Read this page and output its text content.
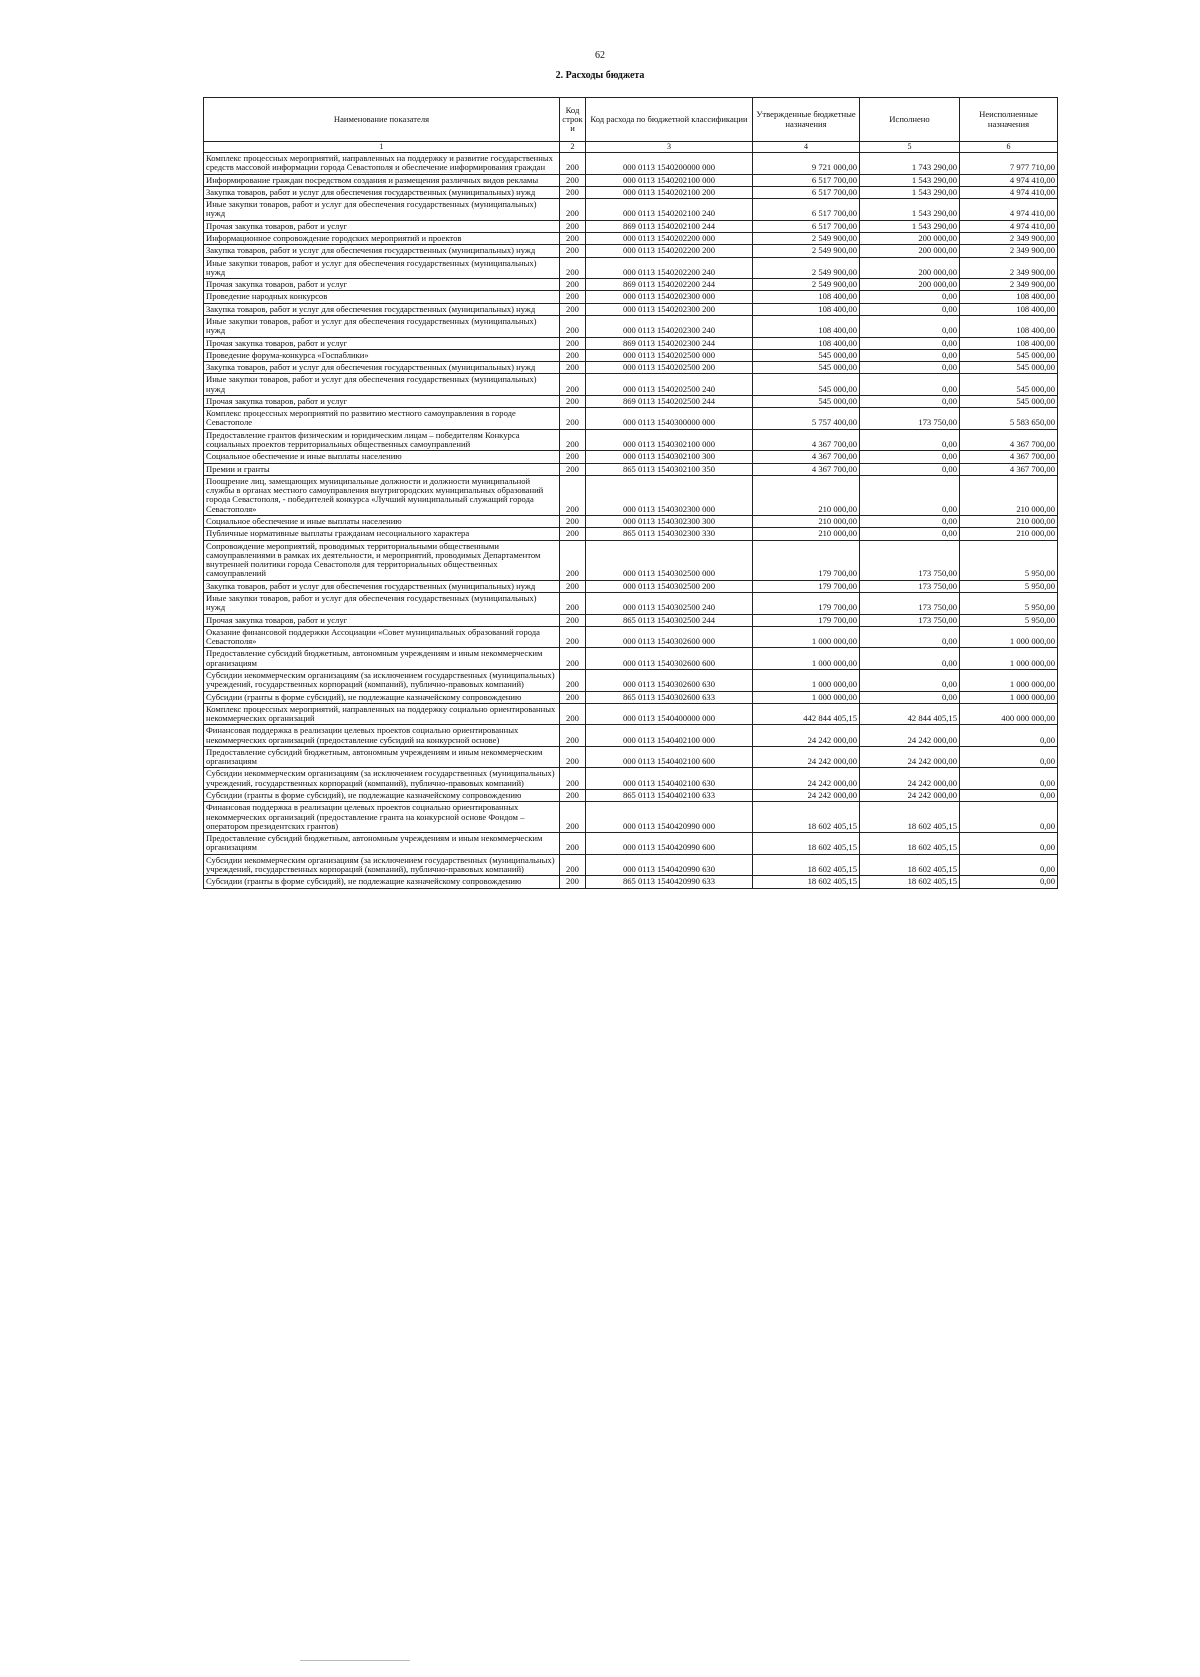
62
2. Расходы бюджета
Наименование показателя	Код строк и	Код расхода по бюджетной классификации	Утвержденные бюджетные назначения	Исполнено	Неисполненные назначения
1	2	3	4	5	6
Комплекс процессных мероприятий, направленных на поддержку и развитие государственных средств массовой информации города Севастополя и обеспечение информирования граждан	200	000 0113 1540200000 000	9 721 000,00	1 743 290,00	7 977 710,00
Информирование граждан посредством создания и размещения различных видов рекламы	200	000 0113 1540202100 000	6 517 700,00	1 543 290,00	4 974 410,00
Закупка товаров, работ и услуг для обеспечения государственных (муниципальных) нужд	200	000 0113 1540202100 200	6 517 700,00	1 543 290,00	4 974 410,00
Иные закупки товаров, работ и услуг для обеспечения государственных (муниципальных) нужд	200	000 0113 1540202100 240	6 517 700,00	1 543 290,00	4 974 410,00
Прочая закупка товаров, работ и услуг	200	869 0113 1540202100 244	6 517 700,00	1 543 290,00	4 974 410,00
Информационное сопровождение городских мероприятий и проектов	200	000 0113 1540202200 000	2 549 900,00	200 000,00	2 349 900,00
Закупка товаров, работ и услуг для обеспечения государственных (муниципальных) нужд	200	000 0113 1540202200 200	2 549 900,00	200 000,00	2 349 900,00
Иные закупки товаров, работ и услуг для обеспечения государственных (муниципальных) нужд	200	000 0113 1540202200 240	2 549 900,00	200 000,00	2 349 900,00
Прочая закупка товаров, работ и услуг	200	869 0113 1540202200 244	2 549 900,00	200 000,00	2 349 900,00
Проведение народных конкурсов	200	000 0113 1540202300 000	108 400,00	0,00	108 400,00
Закупка товаров, работ и услуг для обеспечения государственных (муниципальных) нужд	200	000 0113 1540202300 200	108 400,00	0,00	108 400,00
Иные закупки товаров, работ и услуг для обеспечения государственных (муниципальных) нужд	200	000 0113 1540202300 240	108 400,00	0,00	108 400,00
Прочая закупка товаров, работ и услуг	200	869 0113 1540202300 244	108 400,00	0,00	108 400,00
Проведение форума-конкурса «Госпаблики»	200	000 0113 1540202500 000	545 000,00	0,00	545 000,00
Закупка товаров, работ и услуг для обеспечения государственных (муниципальных) нужд	200	000 0113 1540202500 200	545 000,00	0,00	545 000,00
Иные закупки товаров, работ и услуг для обеспечения государственных (муниципальных) нужд	200	000 0113 1540202500 240	545 000,00	0,00	545 000,00
Прочая закупка товаров, работ и услуг	200	869 0113 1540202500 244	545 000,00	0,00	545 000,00
Комплекс процессных мероприятий по развитию местного самоуправления в городе Севастополе	200	000 0113 1540300000 000	5 757 400,00	173 750,00	5 583 650,00
Предоставление грантов физическим и юридическим лицам – победителям Конкурса социальных проектов территориальных общественных самоуправлений	200	000 0113 1540302100 000	4 367 700,00	0,00	4 367 700,00
Социальное обеспечение и иные выплаты населению	200	000 0113 1540302100 300	4 367 700,00	0,00	4 367 700,00
Премии и гранты	200	865 0113 1540302100 350	4 367 700,00	0,00	4 367 700,00
Поощрение лиц, замещающих муниципальные должности и должности муниципальной службы в органах местного самоуправления внутригородских муниципальных образований города Севастополя, - победителей конкурса «Лучший муниципальный служащий города Севастополя»	200	000 0113 1540302300 000	210 000,00	0,00	210 000,00
Социальное обеспечение и иные выплаты населению	200	000 0113 1540302300 300	210 000,00	0,00	210 000,00
Публичные нормативные выплаты гражданам несоциального характера	200	865 0113 1540302300 330	210 000,00	0,00	210 000,00
Сопровождение мероприятий, проводимых территориальными общественными самоуправлениями в рамках их деятельности, и мероприятий, проводимых Департаментом внутренней политики города Севастополя для территориальных общественных самоуправлений	200	000 0113 1540302500 000	179 700,00	173 750,00	5 950,00
Закупка товаров, работ и услуг для обеспечения государственных (муниципальных) нужд	200	000 0113 1540302500 200	179 700,00	173 750,00	5 950,00
Иные закупки товаров, работ и услуг для обеспечения государственных (муниципальных) нужд	200	000 0113 1540302500 240	179 700,00	173 750,00	5 950,00
Прочая закупка товаров, работ и услуг	200	865 0113 1540302500 244	179 700,00	173 750,00	5 950,00
Оказание финансовой поддержки Ассоциации «Совет муниципальных образований города Севастополя»	200	000 0113 1540302600 000	1 000 000,00	0,00	1 000 000,00
Предоставление субсидий бюджетным, автономным учреждениям и иным некоммерческим организациям	200	000 0113 1540302600 600	1 000 000,00	0,00	1 000 000,00
Субсидии некоммерческим организациям (за исключением государственных (муниципальных) учреждений, государственных корпораций (компаний), публично-правовых компаний)	200	000 0113 1540302600 630	1 000 000,00	0,00	1 000 000,00
Субсидии (гранты в форме субсидий), не подлежащие казначейскому сопровождению	200	865 0113 1540302600 633	1 000 000,00	0,00	1 000 000,00
Комплекс процессных мероприятий, направленных на поддержку социально ориентированных некоммерческих организаций	200	000 0113 1540400000 000	442 844 405,15	42 844 405,15	400 000 000,00
Финансовая поддержка в реализации целевых проектов социально ориентированных некоммерческих организаций (предоставление субсидий на конкурсной основе)	200	000 0113 1540402100 000	24 242 000,00	24 242 000,00	0,00
Предоставление субсидий бюджетным, автономным учреждениям и иным некоммерческим организациям	200	000 0113 1540402100 600	24 242 000,00	24 242 000,00	0,00
Субсидии некоммерческим организациям (за исключением государственных (муниципальных) учреждений, государственных корпораций (компаний), публично-правовых компаний)	200	000 0113 1540402100 630	24 242 000,00	24 242 000,00	0,00
Субсидии (гранты в форме субсидий), не подлежащие казначейскому сопровождению	200	865 0113 1540402100 633	24 242 000,00	24 242 000,00	0,00
Финансовая поддержка в реализации целевых проектов социально ориентированных некоммерческих организаций (предоставление гранта на конкурсной основе Фондом – оператором президентских грантов)	200	000 0113 1540420990 000	18 602 405,15	18 602 405,15	0,00
Предоставление субсидий бюджетным, автономным учреждениям и иным некоммерческим организациям	200	000 0113 1540420990 600	18 602 405,15	18 602 405,15	0,00
Субсидии некоммерческим организациям (за исключением государственных (муниципальных) учреждений, государственных корпораций (компаний), публично-правовых компаний)	200	000 0113 1540420990 630	18 602 405,15	18 602 405,15	0,00
Субсидии (гранты в форме субсидий), не подлежащие казначейскому сопровождению	200	865 0113 1540420990 633	18 602 405,15	18 602 405,15	0,00
